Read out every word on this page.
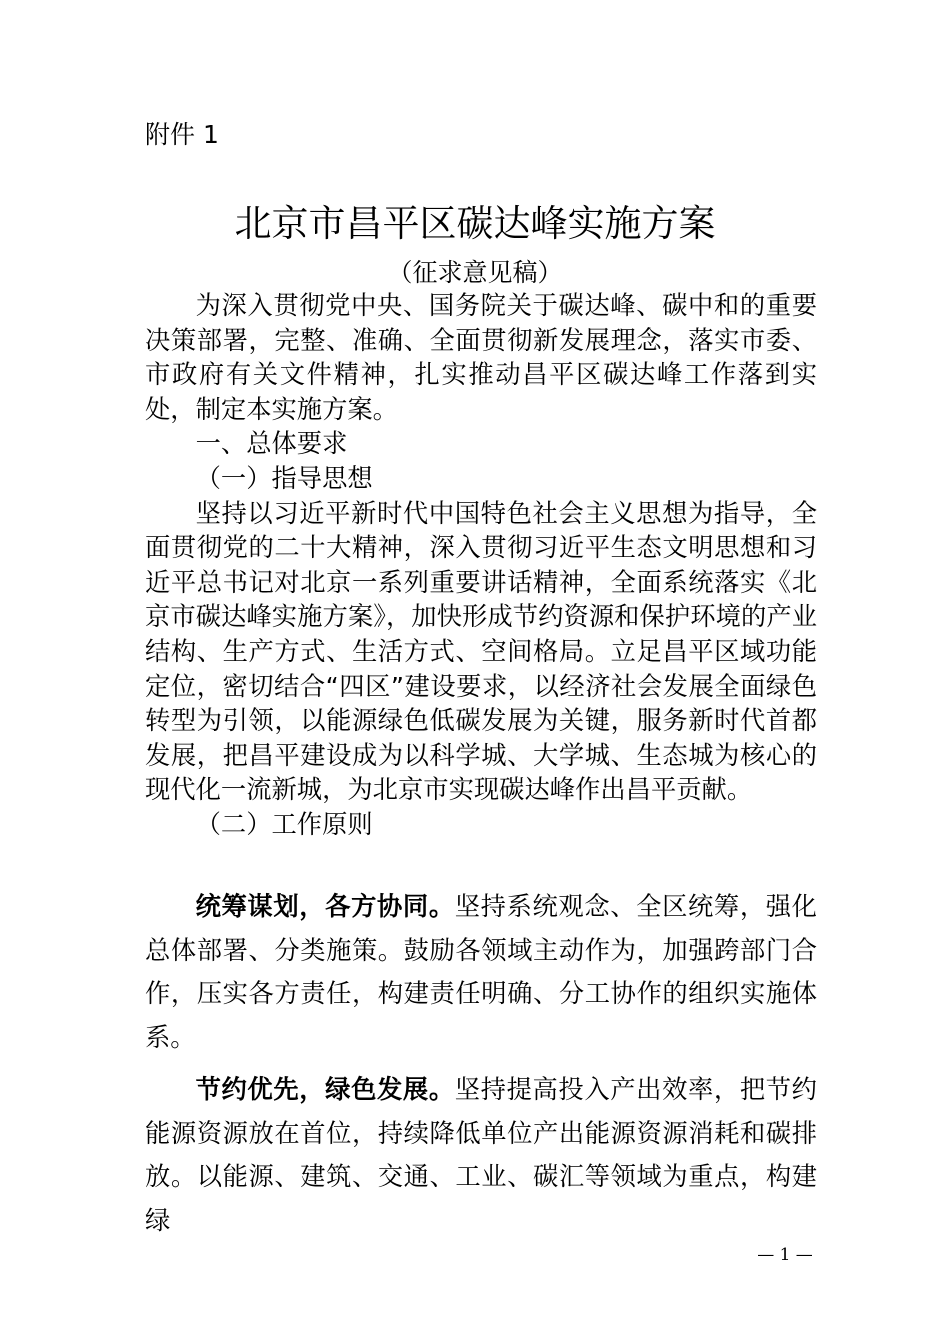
附件 1
北京市昌平区碳达峰实施方案
（征求意见稿）

为深入贯彻党中央、国务院关于碳达峰、碳中和的重要决策部署，完整、准确、全面贯彻新发展理念，落实市委、市政府有关文件精神，扎实推动昌平区碳达峰工作落到实处，制定本实施方案。

一、总体要求

（一）指导思想

坚持以习近平新时代中国特色社会主义思想为指导，全面贯彻党的二十大精神，深入贯彻习近平生态文明思想和习近平总书记对北京一系列重要讲话精神，全面系统落实《北京市碳达峰实施方案》，加快形成节约资源和保护环境的产业结构、生产方式、生活方式、空间格局。立足昌平区域功能定位，密切结合“四区”建设要求，以经济社会发展全面绿色转型为引领，以能源绿色低碳发展为关键，服务新时代首都发展，把昌平建设成为以科学城、大学城、生态城为核心的现代化一流新城，为北京市实现碳达峰作出昌平贡献。

（二）工作原则

统筹谋划，各方协同。坚持系统观念、全区统筹，强化总体部署、分类施策。鼓励各领域主动作为，加强跨部门合作，压实各方责任，构建责任明确、分工协作的组织实施体系。

节约优先，绿色发展。坚持提高投入产出效率，把节约能源资源放在首位，持续降低单位产出能源资源消耗和碳排放。以能源、建筑、交通、工业、碳汇等领域为重点，构建绿

— 1 —
